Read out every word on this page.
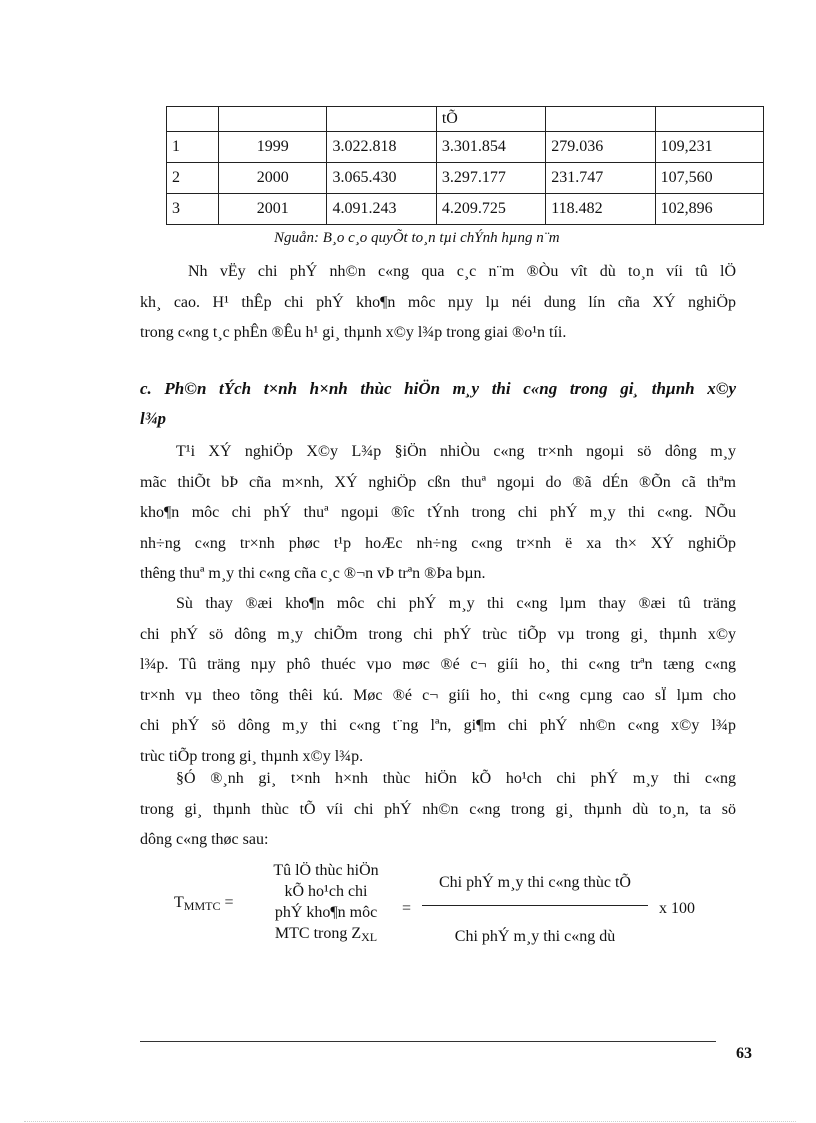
			tÕ		
1	1999	3.022.818	3.301.854	279.036	109,231
2	2000	3.065.430	3.297.177	231.747	107,560
3	2001	4.091.243	4.209.725	118.482	102,896
Nguån: B¸o c¸o quyÕt to¸n tµi chÝnh hµng n¨m

Nh vËy chi phÝ nh©n c«ng qua c¸c n¨m ®Òu vît dù to¸n víi tû lÖ
kh¸ cao. H¹ thÊp chi phÝ kho¶n môc nµy lµ néi dung lín cña XÝ nghiÖp
trong c«ng t¸c phÊn ®Êu h¹ gi¸ thµnh x©y l¾p trong giai ®o¹n tíi.

c. Ph©n tÝch t×nh h×nh thùc hiÖn m¸y thi c«ng trong gi¸ thµnh x©y
l¾p

T¹i XÝ nghiÖp X©y L¾p §iÖn nhiÒu c«ng tr×nh ngoµi sö dông m¸y
mãc thiÕt bÞ cña m×nh, XÝ nghiÖp cßn thuª ngoµi do ®ã dÉn ®Õn cã thªm
kho¶n môc chi phÝ thuª ngoµi ®îc tÝnh trong chi phÝ m¸y thi c«ng. NÕu
nh÷ng c«ng tr×nh phøc t¹p hoÆc nh÷ng c«ng tr×nh ë xa th× XÝ nghiÖp
thêng thuª m¸y thi c«ng cña c¸c ®¬n vÞ trªn ®Þa bµn.

Sù thay ®æi kho¶n môc chi phÝ m¸y thi c«ng lµm thay ®æi tû träng
chi phÝ sö dông m¸y chiÕm trong chi phÝ trùc tiÕp vµ trong gi¸ thµnh x©y
l¾p. Tû träng nµy phô thuéc vµo møc ®é c¬ giíi ho¸ thi c«ng trªn tæng c«ng
tr×nh vµ theo tõng thêi kú. Møc ®é c¬ giíi ho¸ thi c«ng cµng cao sÏ lµm cho
chi phÝ sö dông m¸y thi c«ng t¨ng lªn, gi¶m chi phÝ nh©n c«ng x©y l¾p
trùc tiÕp trong gi¸ thµnh x©y l¾p.

§Ó ®¸nh gi¸ t×nh h×nh thùc hiÖn kÕ ho¹ch chi phÝ m¸y thi c«ng
trong gi¸ thµnh thùc tÕ víi chi phÝ nh©n c«ng trong gi¸ thµnh dù to¸n, ta sö
dông c«ng thøc sau:

$T_{MMTC}$ =
Tû lÖ thùc hiÖn
kÕ ho¹ch chi
phÝ kho¶n môc
MTC trong $Z_{XL}$
=
Chi phÝ m¸y thi c«ng thùc tÕ
Chi phÝ m¸y thi c«ng dù
x 100
63
